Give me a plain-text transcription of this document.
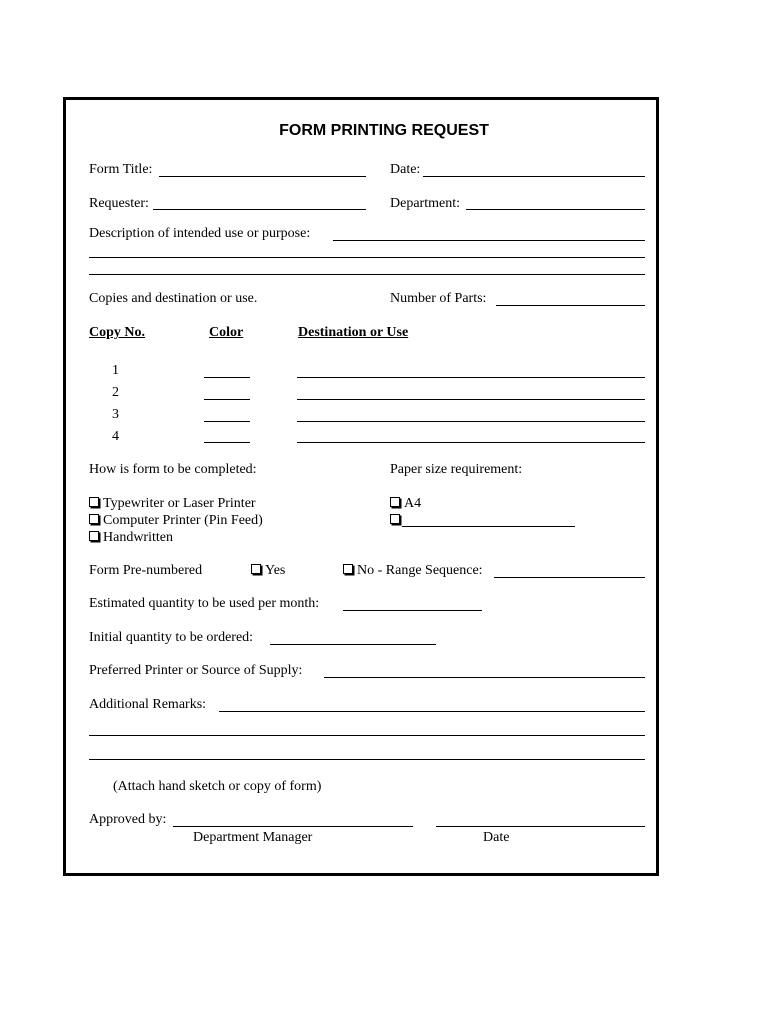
FORM PRINTING REQUEST
Form Title:	Date:
Requester:	Department:
Description of intended use or purpose:
Copies and destination or use.	Number of Parts:
Copy No.	Color	Destination or Use
1
2
3
4
How is form to be completed:	Paper size requirement:
Typewriter or Laser Printer
Computer Printer (Pin Feed)
Handwritten
A4
Form Pre-numbered	Yes	No - Range Sequence:
Estimated quantity to be used per month:
Initial quantity to be ordered:
Preferred Printer or Source of Supply:
Additional Remarks:
(Attach hand sketch or copy of form)
Approved by:
Department Manager	Date
